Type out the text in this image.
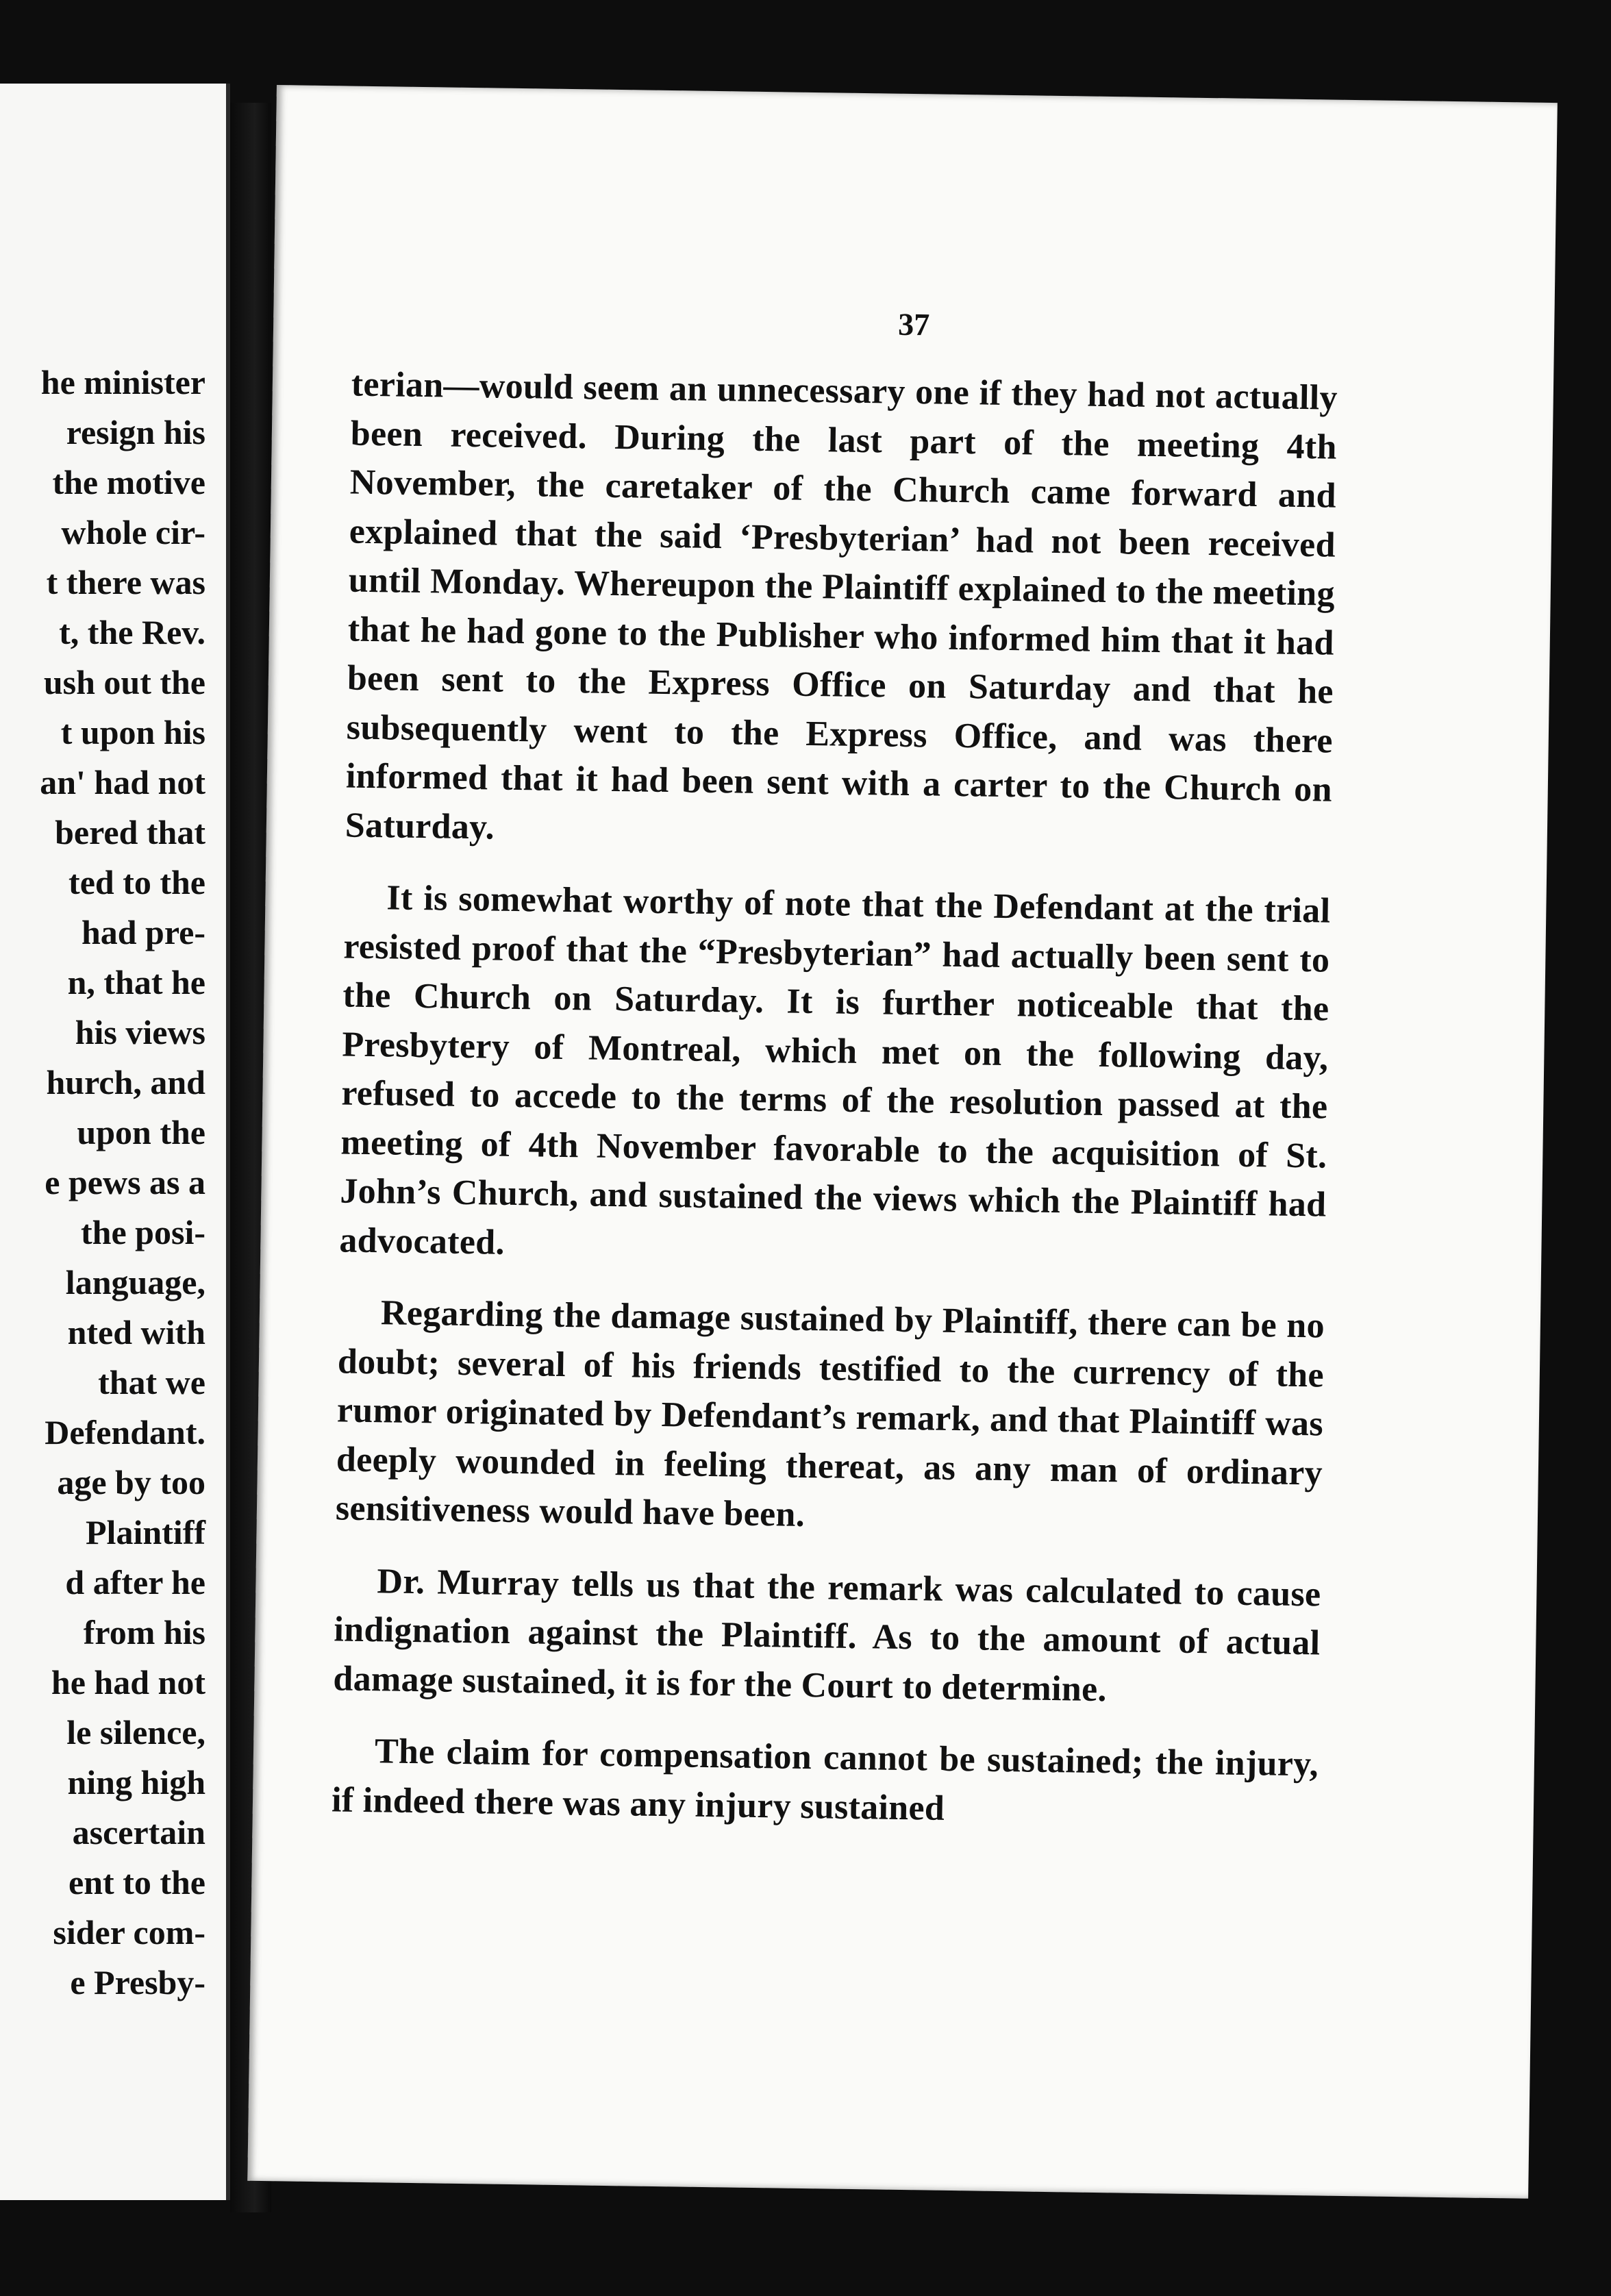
he minister
resign his
the motive
whole cir-
t there was
t, the Rev.
ush out the
t upon his
an' had not
bered that
ted to the
had pre-
n, that he
his views
hurch, and
upon the
e pews as a
the posi-
language,
nted with
that we
Defendant.
age by too
Plaintiff
d after he
from his
he had not
le silence,
ning high
ascertain
ent to the
sider com-
e Presby-
37

terian—would seem an unnecessary one if they had not actually been received. During the last part of the meeting 4th November, the caretaker of the Church came forward and explained that the said ‘Presbyterian’ had not been received until Monday. Whereupon the Plaintiff explained to the meeting that he had gone to the Publisher who informed him that it had been sent to the Express Office on Saturday and that he subsequently went to the Express Office, and was there informed that it had been sent with a carter to the Church on Saturday.

It is somewhat worthy of note that the Defendant at the trial resisted proof that the “Presbyterian” had actually been sent to the Church on Saturday. It is further noticeable that the Presbytery of Montreal, which met on the following day, refused to accede to the terms of the resolution passed at the meeting of 4th November favorable to the acquisition of St. John’s Church, and sustained the views which the Plaintiff had advocated.

Regarding the damage sustained by Plaintiff, there can be no doubt; several of his friends testified to the currency of the rumor originated by Defendant’s remark, and that Plaintiff was deeply wounded in feeling thereat, as any man of ordinary sensitiveness would have been.

Dr. Murray tells us that the remark was calculated to cause indignation against the Plaintiff. As to the amount of actual damage sustained, it is for the Court to determine.

The claim for compensation cannot be sustained; the injury, if indeed there was any injury sustained
